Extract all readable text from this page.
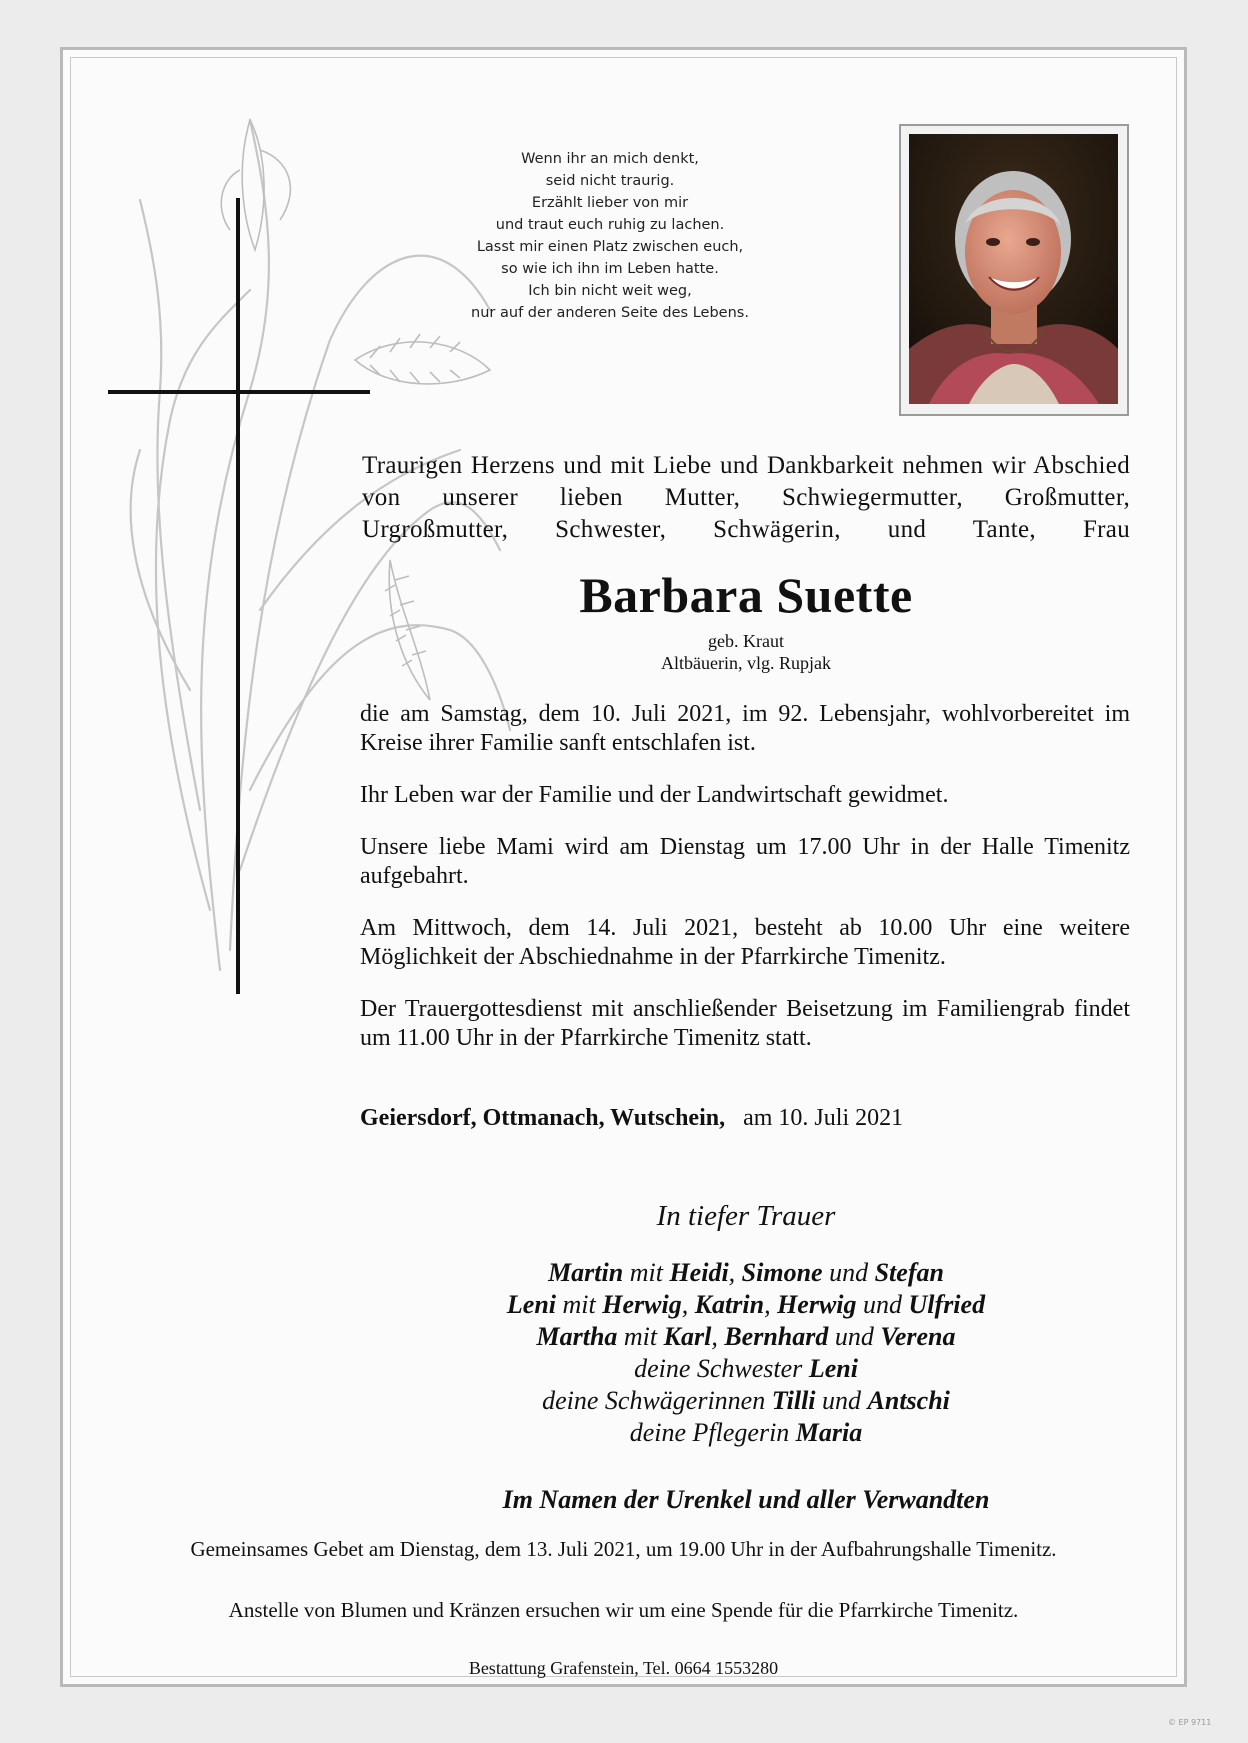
Wenn ihr an mich denkt,
seid nicht traurig.
Erzählt lieber von mir
und traut euch ruhig zu lachen.
Lasst mir einen Platz zwischen euch,
so wie ich ihn im Leben hatte.
Ich bin nicht weit weg,
nur auf der anderen Seite des Lebens.
Traurigen Herzens und mit Liebe und Dankbarkeit nehmen wir Abschied
von unserer lieben Mutter, Schwiegermutter, Großmutter,
Urgroßmutter, Schwester, Schwägerin, und Tante, Frau
Barbara Suette
geb. Kraut
Altbäuerin, vlg. Rupjak

die am Samstag, dem 10. Juli 2021, im 92. Lebensjahr, wohlvorbereitet im Kreise ihrer Familie sanft entschlafen ist.

Ihr Leben war der Familie und der Landwirtschaft gewidmet.

Unsere liebe Mami wird am Dienstag um 17.00 Uhr in der Halle Timenitz aufgebahrt.

Am Mittwoch, dem 14. Juli 2021, besteht ab 10.00 Uhr eine weitere Möglichkeit der Abschiednahme in der Pfarrkirche Timenitz.

Der Trauergottesdienst mit anschließender Beisetzung im Familiengrab findet um 11.00 Uhr in der Pfarrkirche Timenitz statt.

Geiersdorf, Ottmanach, Wutschein, am 10. Juli 2021
In tiefer Trauer
Martin mit Heidi, Simone und Stefan
Leni mit Herwig, Katrin, Herwig und Ulfried
Martha mit Karl, Bernhard und Verena
deine Schwester Leni
deine Schwägerinnen Tilli und Antschi
deine Pflegerin Maria
Im Namen der Urenkel und aller Verwandten
Gemeinsames Gebet am Dienstag, dem 13. Juli 2021, um 19.00 Uhr in der Aufbahrungshalle Timenitz.
Anstelle von Blumen und Kränzen ersuchen wir um eine Spende für die Pfarrkirche Timenitz.
Bestattung Grafenstein, Tel. 0664 1553280
© EP 9711
